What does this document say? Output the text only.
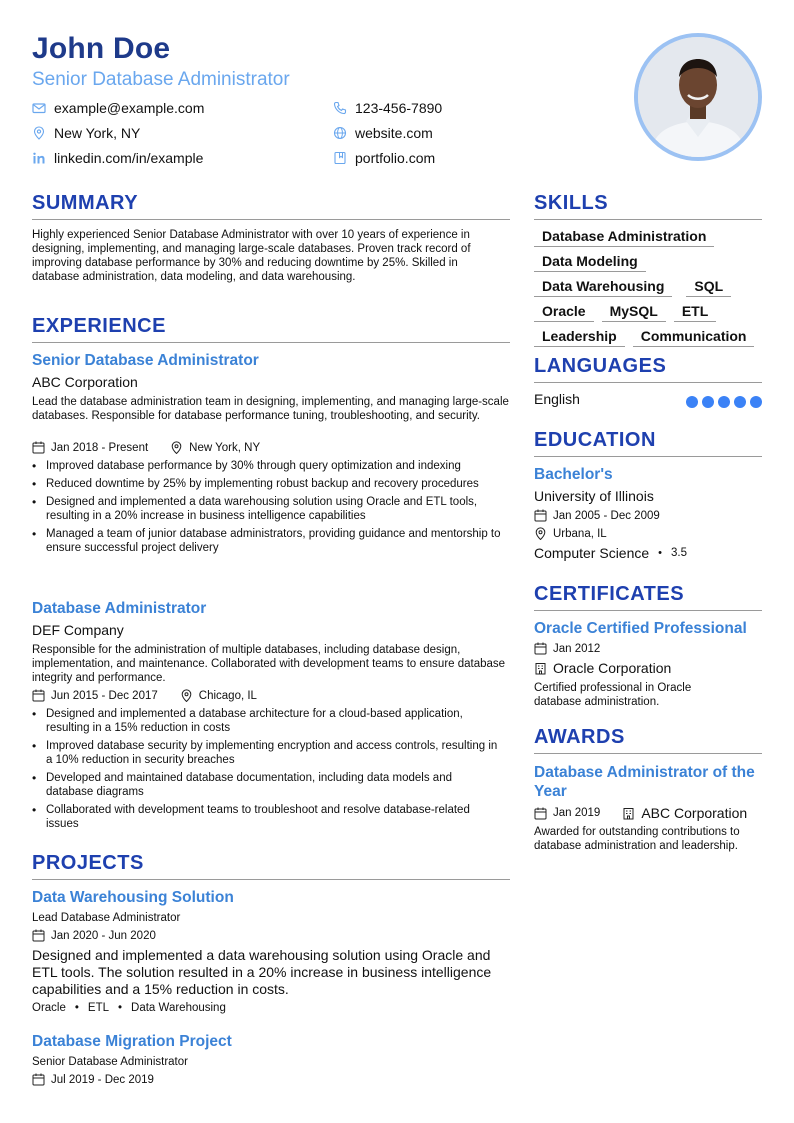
John Doe
Senior Database Administrator
example@example.com	123-456-7890
New York, NY	website.com
linkedin.com/in/example	portfolio.com
SUMMARY
Highly experienced Senior Database Administrator with over 10 years of experience in designing, implementing, and managing large-scale databases. Proven track record of improving database performance by 30% and reducing downtime by 25%. Skilled in database administration, data modeling, and data warehousing.
EXPERIENCE
Senior Database Administrator
ABC Corporation
Lead the database administration team in designing, implementing, and managing large-scale databases. Responsible for database performance tuning, troubleshooting, and security.
Jan 2018 - Present	New York, NY
• Improved database performance by 30% through query optimization and indexing
• Reduced downtime by 25% by implementing robust backup and recovery procedures
• Designed and implemented a data warehousing solution using Oracle and ETL tools, resulting in a 20% increase in business intelligence capabilities
• Managed a team of junior database administrators, providing guidance and mentorship to ensure successful project delivery
Database Administrator
DEF Company
Responsible for the administration of multiple databases, including database design, implementation, and maintenance. Collaborated with development teams to ensure database integrity and performance.
Jun 2015 - Dec 2017	Chicago, IL
• Designed and implemented a database architecture for a cloud-based application, resulting in a 15% reduction in costs
• Improved database security by implementing encryption and access controls, resulting in a 10% reduction in security breaches
• Developed and maintained database documentation, including data models and database diagrams
• Collaborated with development teams to troubleshoot and resolve database-related issues
PROJECTS
Data Warehousing Solution
Lead Database Administrator
Jan 2020 - Jun 2020
Designed and implemented a data warehousing solution using Oracle and ETL tools. The solution resulted in a 20% increase in business intelligence capabilities and a 15% reduction in costs.
Oracle • ETL • Data Warehousing
Database Migration Project
Senior Database Administrator
Jul 2019 - Dec 2019
SKILLS
Database Administration
Data Modeling
Data Warehousing	SQL
Oracle	MySQL	ETL
Leadership	Communication
LANGUAGES
English
EDUCATION
Bachelor's
University of Illinois
Jan 2005 - Dec 2009
Urbana, IL
Computer Science • 3.5
CERTIFICATES
Oracle Certified Professional
Jan 2012
Oracle Corporation
Certified professional in Oracle database administration.
AWARDS
Database Administrator of the Year
Jan 2019	ABC Corporation
Awarded for outstanding contributions to database administration and leadership.
